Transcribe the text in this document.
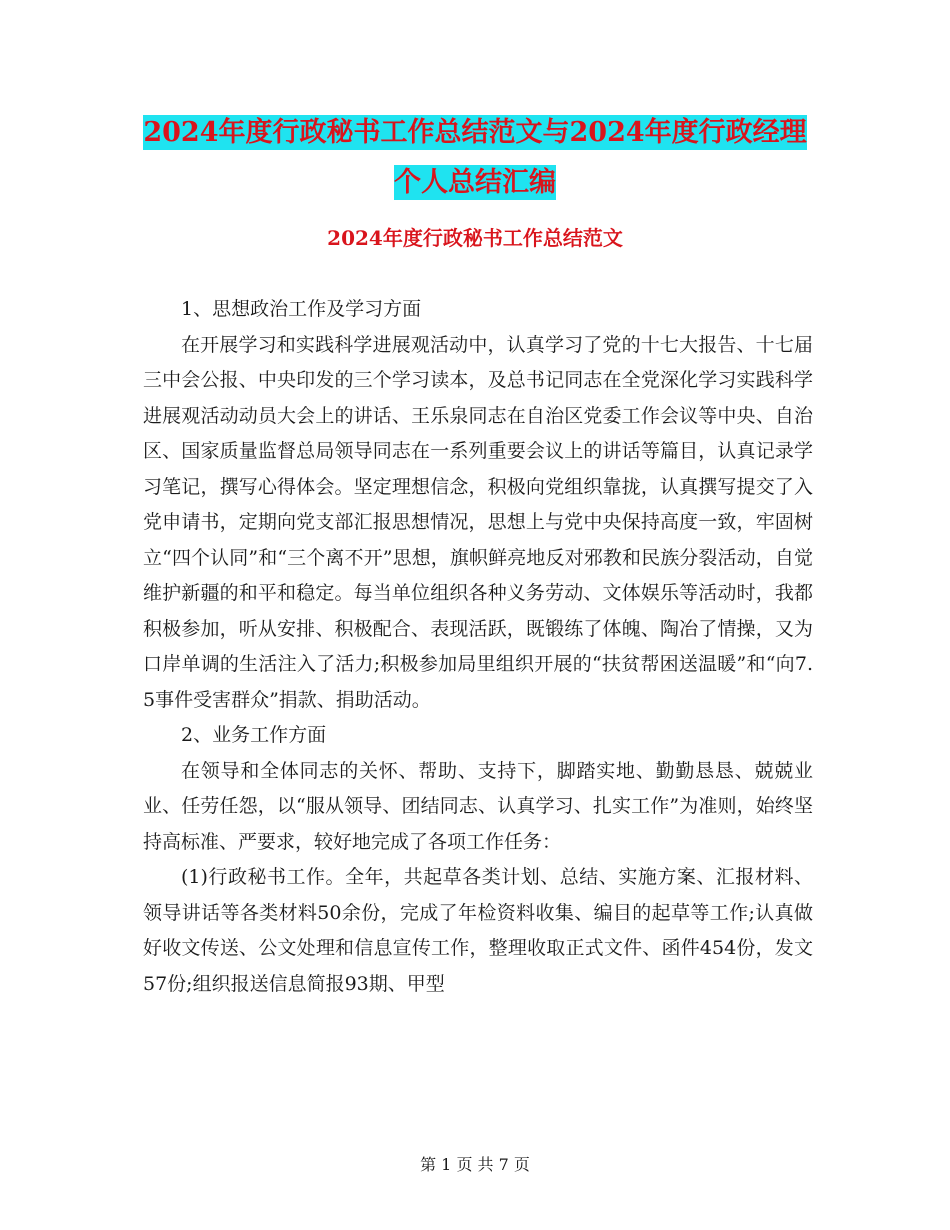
2024年度行政秘书工作总结范文与2024年度行政经理
个人总结汇编
2024年度行政秘书工作总结范文

1、思想政治工作及学习方面

在开展学习和实践科学进展观活动中，认真学习了党的十七大报告、十七届三中会公报、中央印发的三个学习读本，及总书记同志在全党深化学习实践科学进展观活动动员大会上的讲话、王乐泉同志在自治区党委工作会议等中央、自治区、国家质量监督总局领导同志在一系列重要会议上的讲话等篇目，认真记录学习笔记，撰写心得体会。坚定理想信念，积极向党组织靠拢，认真撰写提交了入党申请书，定期向党支部汇报思想情况，思想上与党中央保持高度一致，牢固树立“四个认同”和“三个离不开”思想，旗帜鲜亮地反对邪教和民族分裂活动，自觉维护新疆的和平和稳定。每当单位组织各种义务劳动、文体娱乐等活动时，我都积极参加，听从安排、积极配合、表现活跃，既锻练了体魄、陶冶了情操，又为口岸单调的生活注入了活力;积极参加局里组织开展的“扶贫帮困送温暖”和“向7.5事件受害群众”捐款、捐助活动。

2、业务工作方面

在领导和全体同志的关怀、帮助、支持下，脚踏实地、勤勤恳恳、兢兢业业、任劳任怨，以“服从领导、团结同志、认真学习、扎实工作”为准则，始终坚持高标准、严要求，较好地完成了各项工作任务：

(1)行政秘书工作。全年，共起草各类计划、总结、实施方案、汇报材料、领导讲话等各类材料50余份，完成了年检资料收集、编目的起草等工作;认真做好收文传送、公文处理和信息宣传工作，整理收取正式文件、函件454份，发文57份;组织报送信息简报93期、甲型

第 1 页 共 7 页
